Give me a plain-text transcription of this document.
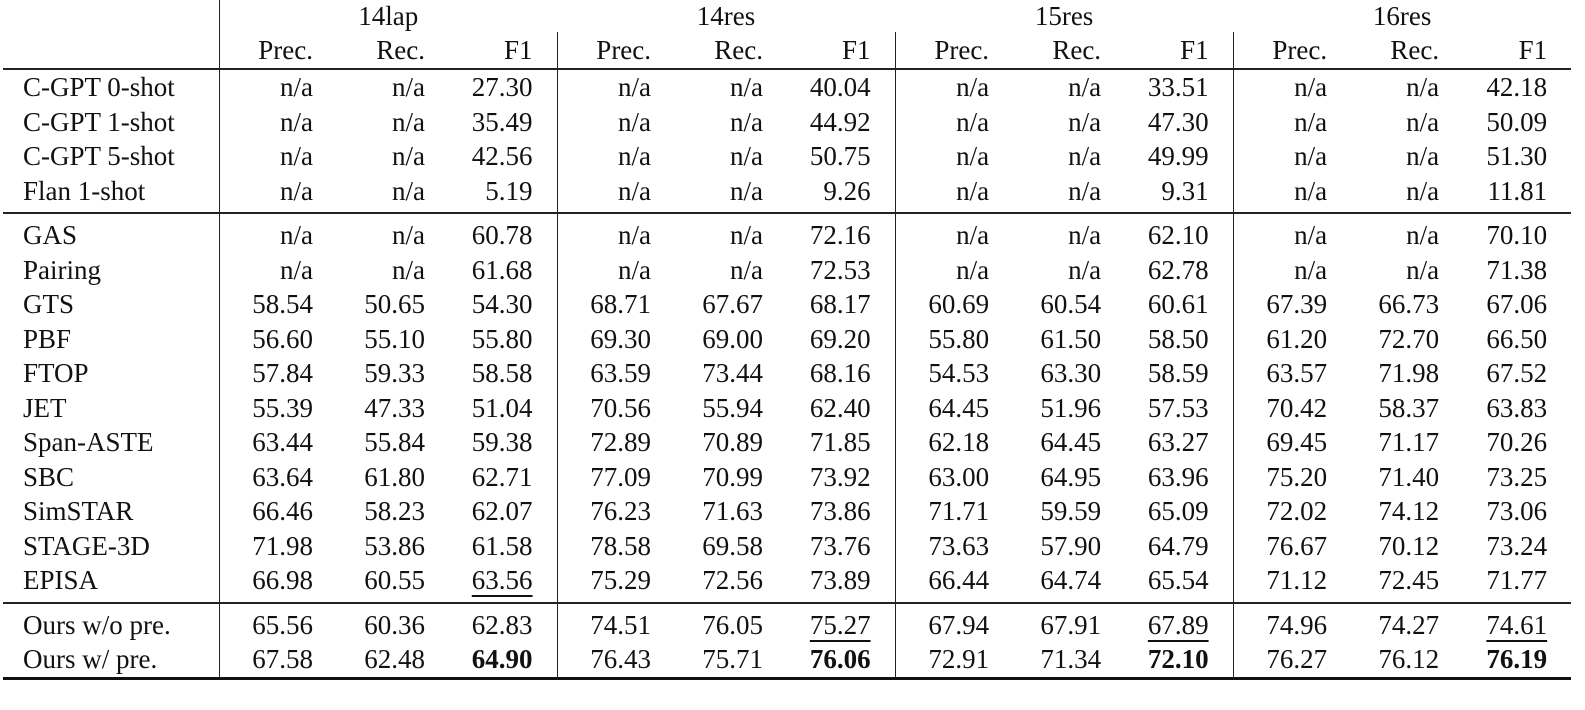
	14lap			14res			15res			16res		
	Prec.	Rec.	F1	Prec.	Rec.	F1	Prec.	Rec.	F1	Prec.	Rec.	F1
C-GPT 0-shot	n/a	n/a	27.30	n/a	n/a	40.04	n/a	n/a	33.51	n/a	n/a	42.18
C-GPT 1-shot	n/a	n/a	35.49	n/a	n/a	44.92	n/a	n/a	47.30	n/a	n/a	50.09
C-GPT 5-shot	n/a	n/a	42.56	n/a	n/a	50.75	n/a	n/a	49.99	n/a	n/a	51.30
Flan 1-shot	n/a	n/a	5.19	n/a	n/a	9.26	n/a	n/a	9.31	n/a	n/a	11.81
GAS	n/a	n/a	60.78	n/a	n/a	72.16	n/a	n/a	62.10	n/a	n/a	70.10
Pairing	n/a	n/a	61.68	n/a	n/a	72.53	n/a	n/a	62.78	n/a	n/a	71.38
GTS	58.54	50.65	54.30	68.71	67.67	68.17	60.69	60.54	60.61	67.39	66.73	67.06
PBF	56.60	55.10	55.80	69.30	69.00	69.20	55.80	61.50	58.50	61.20	72.70	66.50
FTOP	57.84	59.33	58.58	63.59	73.44	68.16	54.53	63.30	58.59	63.57	71.98	67.52
JET	55.39	47.33	51.04	70.56	55.94	62.40	64.45	51.96	57.53	70.42	58.37	63.83
Span-ASTE	63.44	55.84	59.38	72.89	70.89	71.85	62.18	64.45	63.27	69.45	71.17	70.26
SBC	63.64	61.80	62.71	77.09	70.99	73.92	63.00	64.95	63.96	75.20	71.40	73.25
SimSTAR	66.46	58.23	62.07	76.23	71.63	73.86	71.71	59.59	65.09	72.02	74.12	73.06
STAGE-3D	71.98	53.86	61.58	78.58	69.58	73.76	73.63	57.90	64.79	76.67	70.12	73.24
EPISA	66.98	60.55	63.56	75.29	72.56	73.89	66.44	64.74	65.54	71.12	72.45	71.77
Ours w/o pre.	65.56	60.36	62.83	74.51	76.05	75.27	67.94	67.91	67.89	74.96	74.27	74.61
Ours w/ pre.	67.58	62.48	64.90	76.43	75.71	76.06	72.91	71.34	72.10	76.27	76.12	76.19
